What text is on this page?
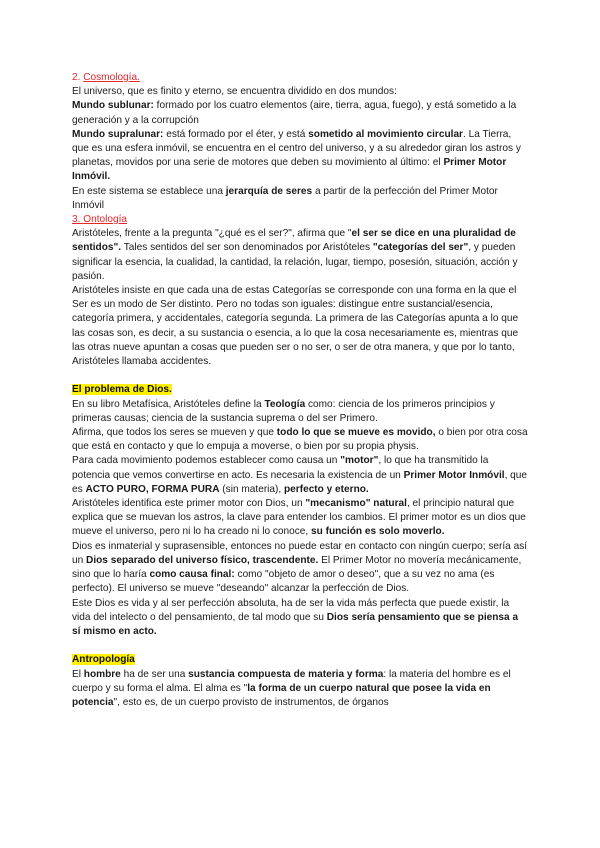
2. Cosmología.

El universo, que es finito y eterno, se encuentra dividido en dos mundos:

Mundo sublunar: formado por los cuatro elementos (aire, tierra, agua, fuego), y está sometido a la generación y a la corrupción

Mundo supralunar: está formado por el éter, y está sometido al movimiento circular. La Tierra, que es una esfera inmóvil, se encuentra en el centro del universo, y a su alrededor giran los astros y planetas, movidos por una serie de motores que deben su movimiento al último: el Primer Motor Inmóvil.

En este sistema se establece una jerarquía de seres a partir de la perfección del Primer Motor Inmóvil

3. Ontología

Aristóteles, frente a la pregunta "¿qué es el ser?", afirma que "el ser se dice en una pluralidad de sentidos". Tales sentidos del ser son denominados por Aristóteles "categorías del ser", y pueden significar la esencia, la cualidad, la cantidad, la relación, lugar, tiempo, posesión, situación, acción y pasión.

Aristóteles insiste en que cada una de estas Categorías se corresponde con una forma en la que el Ser es un modo de Ser distinto. Pero no todas son iguales: distingue entre sustancial/esencia, categoría primera, y accidentales, categoría segunda. La primera de las Categorías apunta a lo que las cosas son, es decir, a su sustancia o esencia, a lo que la cosa necesariamente es, mientras que las otras nueve apuntan a cosas que pueden ser o no ser, o ser de otra manera, y que por lo tanto, Aristóteles llamaba accidentes.

El problema de Dios.

En su libro Metafísica, Aristóteles define la Teología como: ciencia de los primeros principios y primeras causas; ciencia de la sustancia suprema o del ser Primero.

Afirma, que todos los seres se mueven y que todo lo que se mueve es movido, o bien por otra cosa que está en contacto y que lo empuja a moverse, o bien por su propia physis.

Para cada movimiento podemos establecer como causa un "motor", lo que ha transmitido la potencia que vemos convertirse en acto. Es necesaria la existencia de un Primer Motor Inmóvil, que es ACTO PURO, FORMA PURA (sin materia), perfecto y eterno.

Aristóteles identifica este primer motor con Dios, un "mecanismo" natural, el principio natural que explica que se muevan los astros, la clave para entender los cambios. El primer motor es un dios que mueve el universo, pero ni lo ha creado ni lo conoce, su función es solo moverlo.

Dios es inmaterial y suprasensible, entonces no puede estar en contacto con ningún cuerpo; sería así un Dios separado del universo físico, trascendente. El Primer Motor no movería mecánicamente, sino que lo haría como causa final: como "objeto de amor o deseo", que a su vez no ama (es perfecto). El universo se mueve "deseando" alcanzar la perfección de Dios.

Este Dios es vida y al ser perfección absoluta, ha de ser la vida más perfecta que puede existir, la vida del intelecto o del pensamiento, de tal modo que su Dios sería pensamiento que se piensa a sí mismo en acto.

Antropología

El hombre ha de ser una sustancia compuesta de materia y forma: la materia del hombre es el cuerpo y su forma el alma. El alma es "la forma de un cuerpo natural que posee la vida en potencia", esto es, de un cuerpo provisto de instrumentos, de órganos
